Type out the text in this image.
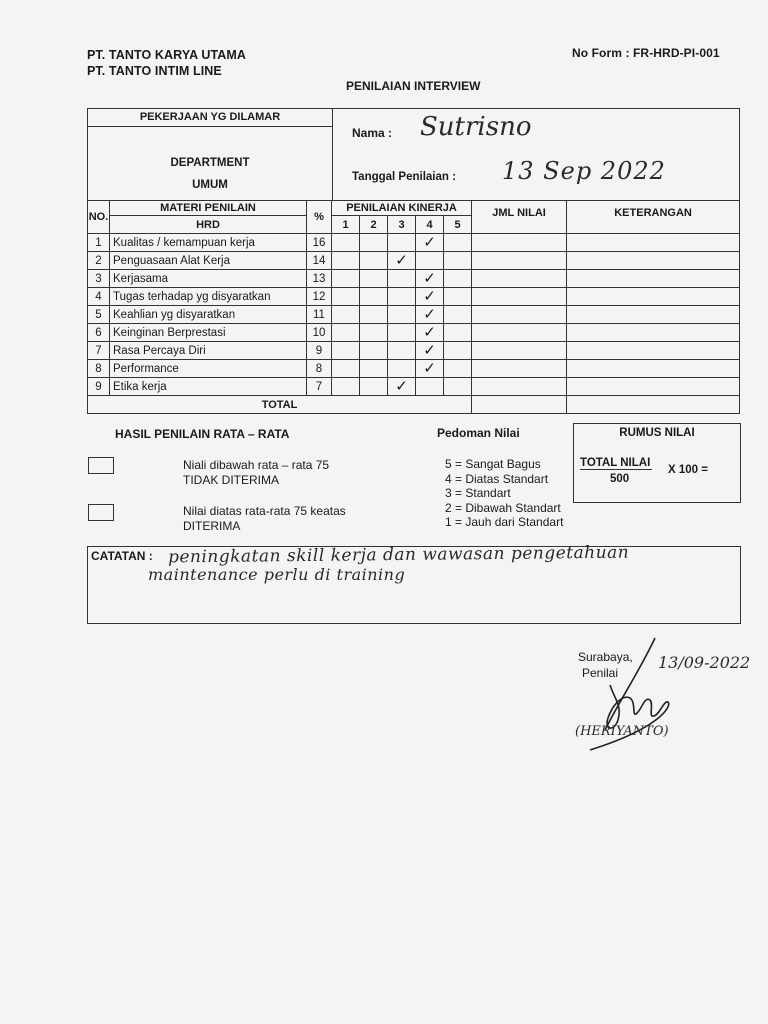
PT. TANTO KARYA UTAMA
PT. TANTO INTIM LINE
No Form : FR-HRD-PI-001
PENILAIAN INTERVIEW
PEKERJAAN YG DILAMAR
DEPARTMENT
UMUM
Nama : Sutrisno
Tanggal Penilaian : 13 Sep 2022
NO.	MATERI PENILAIN	%	PENILAIAN KINERJA					JML NILAI	KETERANGAN
	HRD		1	2	3	4	5		
1	Kualitas / kemampuan kerja	16				✓			
2	Penguasaan Alat Kerja	14			✓				
3	Kerjasama	13				✓			
4	Tugas terhadap yg disyaratkan	12				✓			
5	Keahlian yg disyaratkan	11				✓			
6	Keinginan Berprestasi	10				✓			
7	Rasa Percaya Diri	9				✓			
8	Performance	8				✓			
9	Etika kerja	7			✓				
TOTAL									
HASIL PENILAIN RATA – RATA
Niali dibawah rata – rata 75
TIDAK DITERIMA
Nilai diatas rata-rata 75 keatas
DITERIMA
Pedoman Nilai
5 = Sangat Bagus
4 = Diatas Standart
3 = Standart
2 = Dibawah Standart
1 = Jauh dari Standart
RUMUS NILAI
TOTAL NILAI
500
X 100 =
CATATAN : peningkatan skill kerja dan wawasan pengetahuan
maintenance perlu di training
Surabaya,
Penilai
13/09-2022
(HERIYANTO)
